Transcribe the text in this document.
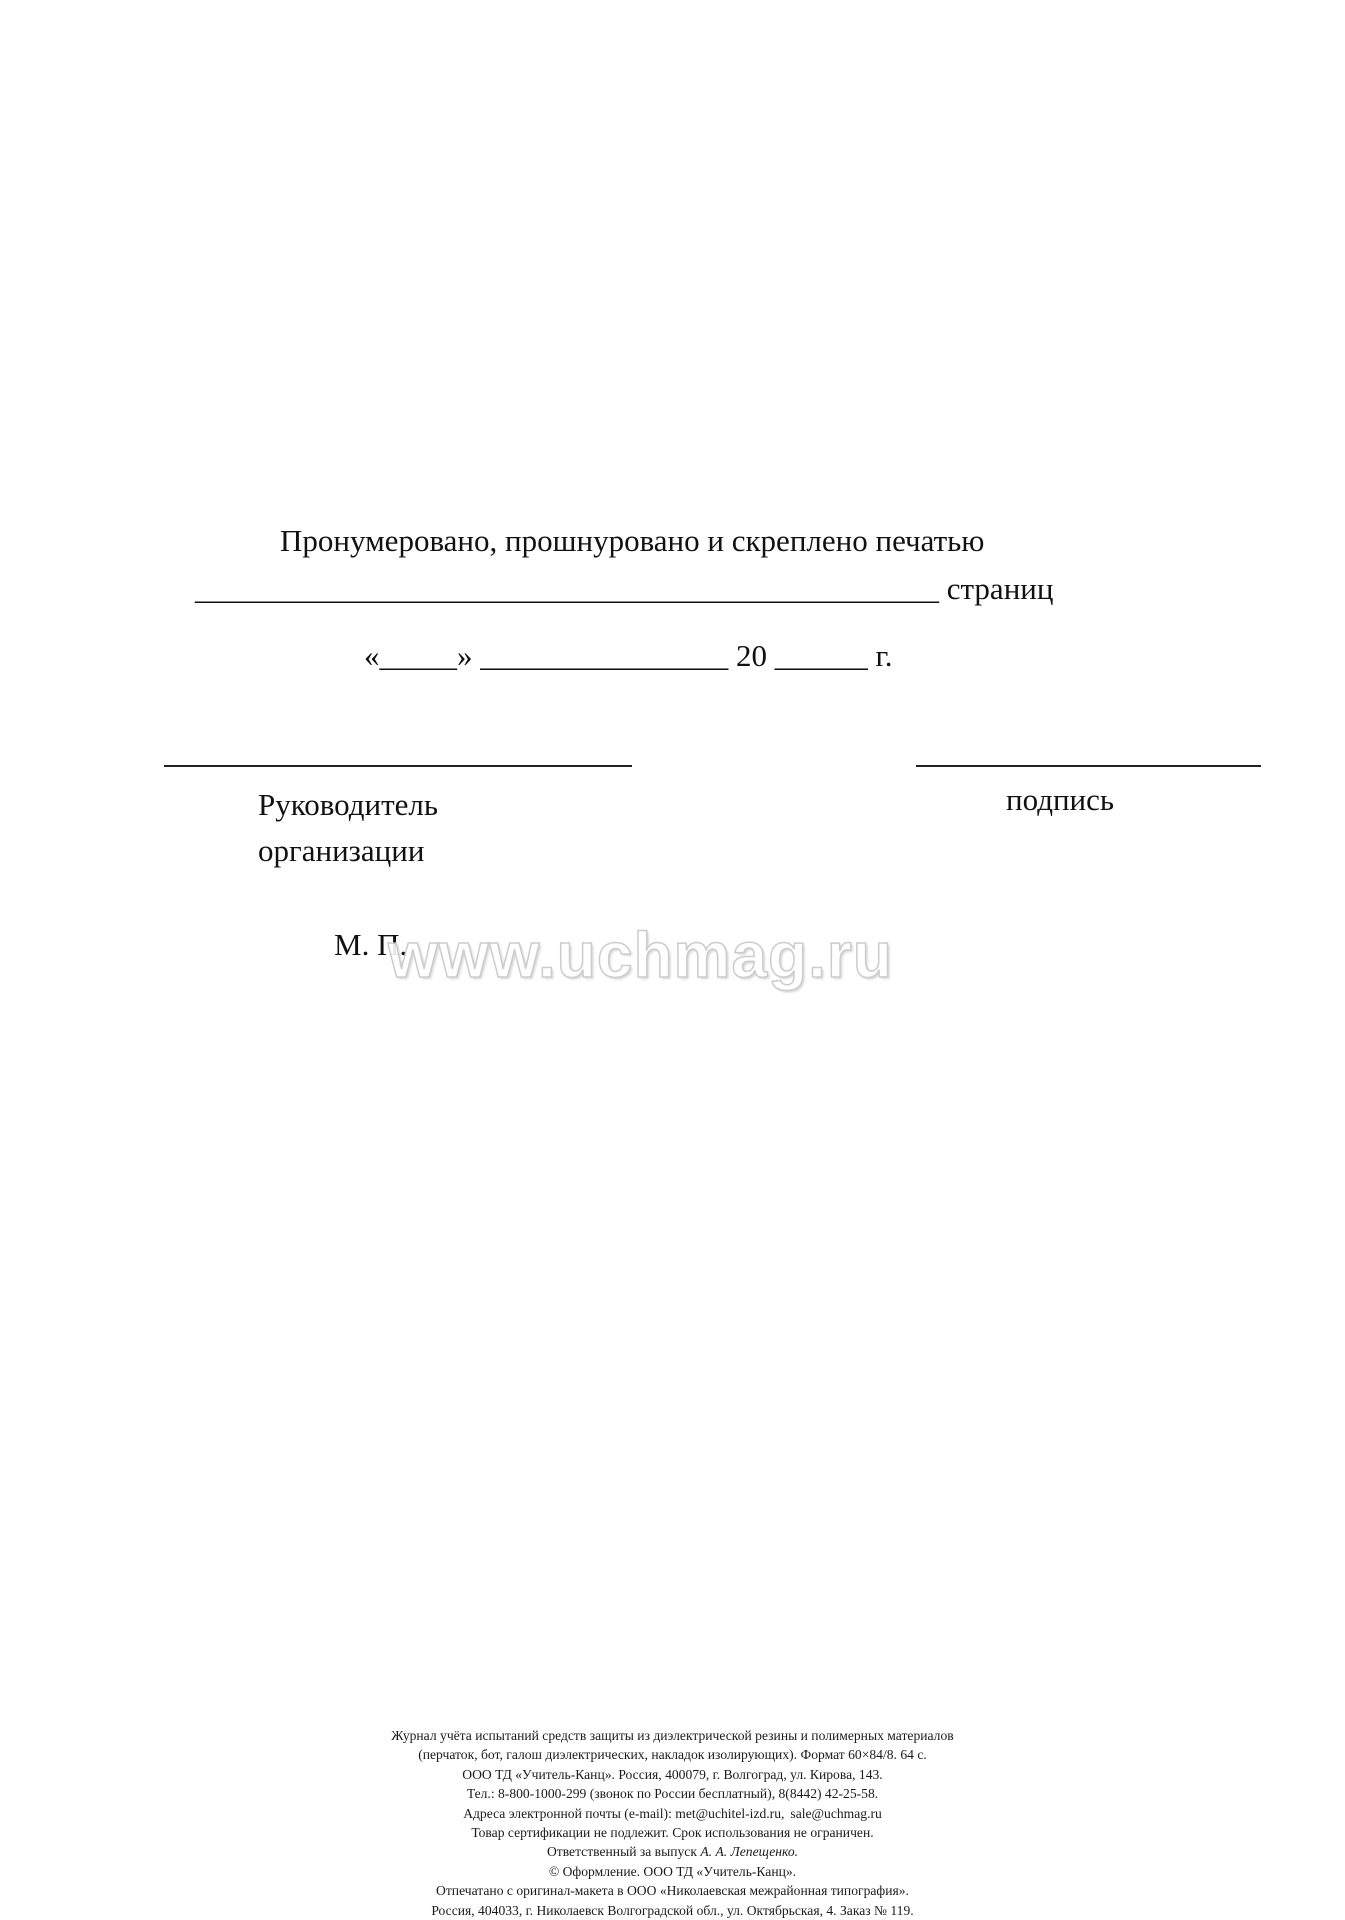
Пронумеровано, прошнуровано и скреплено печатью
________________________________________________ страниц
«_____» ________________ 20 ______ г.
Руководитель
организации
подпись
М. П.
www.uchmag.ru
Журнал учёта испытаний средств защиты из диэлектрической резины и полимерных материалов
(перчаток, бот, галош диэлектрических, накладок изолирующих). Формат 60×84/8. 64 с.
ООО ТД «Учитель-Канц». Россия, 400079, г. Волгоград, ул. Кирова, 143.
Тел.: 8-800-1000-299 (звонок по России бесплатный), 8(8442) 42-25-58.
Адреса электронной почты (e-mail): met@uchitel-izd.ru, sale@uchmag.ru
Товар сертификации не подлежит. Срок использования не ограничен.
Ответственный за выпуск А. А. Лепещенко.
© Оформление. ООО ТД «Учитель-Канц».
Отпечатано с оригинал-макета в ООО «Николаевская межрайонная типография».
Россия, 404033, г. Николаевск Волгоградской обл., ул. Октябрьская, 4. Заказ № 119.
